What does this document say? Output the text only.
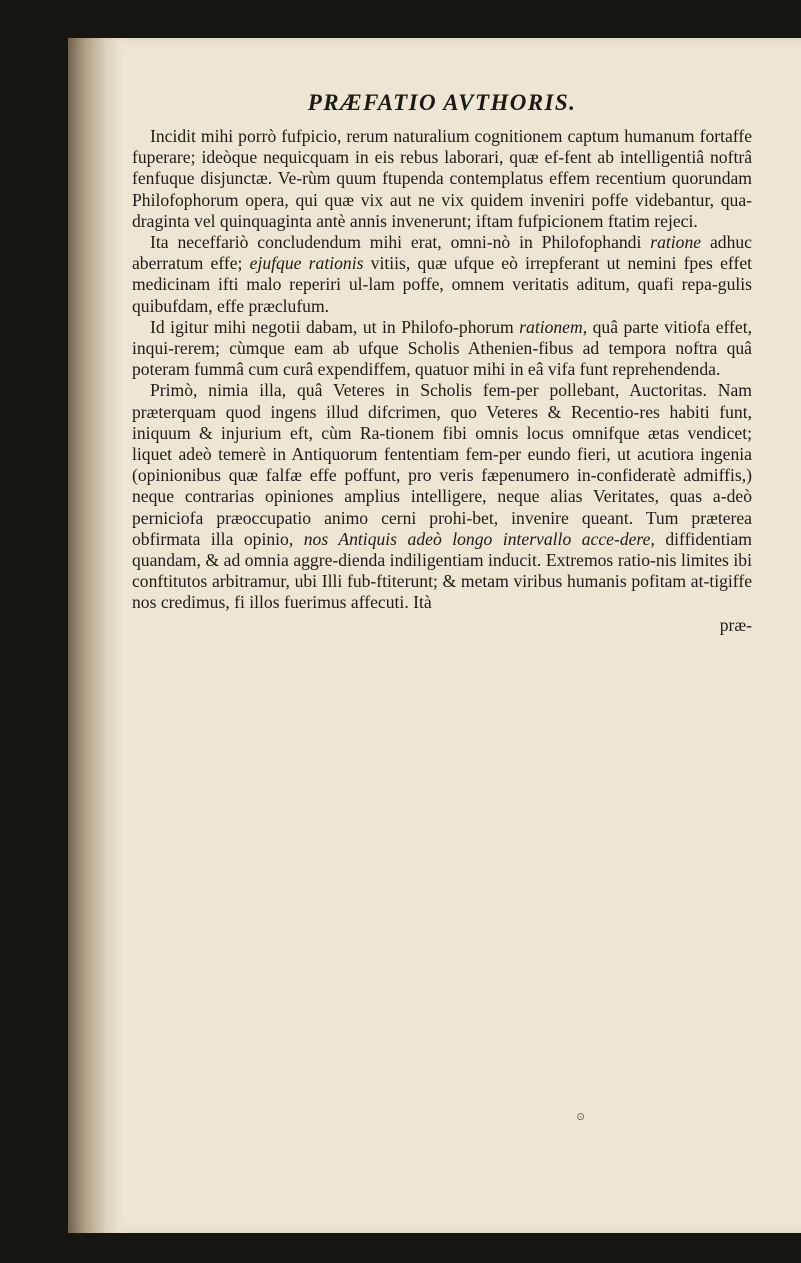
PRÆFATIO AVTHORIS.

Incidit mihi porrò fufpicio, rerum naturalium cognitionem captum humanum fortaffe fuperare; ideòque nequicquam in eis rebus laborari, quæ ef-fent ab intelligentiâ noftrâ fenfuque disjunctæ. Ve-rùm quum ftupenda contemplatus effem recentium quorundam Philofophorum opera, qui quæ vix aut ne vix quidem inveniri poffe videbantur, qua-draginta vel quinquaginta antè annis invenerunt; iftam fufpicionem ftatim rejeci.

Ita neceffariò concludendum mihi erat, omni-nò in Philofophandi ratione adhuc aberratum effe; ejufque rationis vitiis, quæ ufque eò irrepferant ut nemini fpes effet medicinam ifti malo reperiri ul-lam poffe, omnem veritatis aditum, quafi repa-gulis quibufdam, effe præclufum.

Id igitur mihi negotii dabam, ut in Philofo-phorum rationem, quâ parte vitiofa effet, inqui-rerem; cùmque eam ab ufque Scholis Athenien-fibus ad tempora noftra quâ poteram fummâ cum curâ expendiffem, quatuor mihi in eâ vifa funt reprehendenda.

Primò, nimia illa, quâ Veteres in Scholis fem-per pollebant, Auctoritas. Nam præterquam quod ingens illud difcrimen, quo Veteres & Recentio-res habiti funt, iniquum & injurium eft, cùm Ra-tionem fibi omnis locus omnifque ætas vendicet; liquet adeò temerè in Antiquorum fententiam fem-per eundo fieri, ut acutiora ingenia (opinionibus quæ falfæ effe poffunt, pro veris fæpenumero in-confideratè admiffis,) neque contrarias opiniones amplius intelligere, neque alias Veritates, quas a-deò perniciofa præoccupatio animo cerni prohi-bet, invenire queant. Tum præterea obfirmata illa opinio, nos Antiquis adeò longo intervallo acce-dere, diffidentiam quandam, & ad omnia aggre-dienda indiligentiam inducit. Extremos ratio-nis limites ibi conftitutos arbitramur, ubi Illi fub-ftiterunt; & metam viribus humanis pofitam at-tigiffe nos credimus, fi illos fuerimus affecuti. Ità

præ-

⊙
